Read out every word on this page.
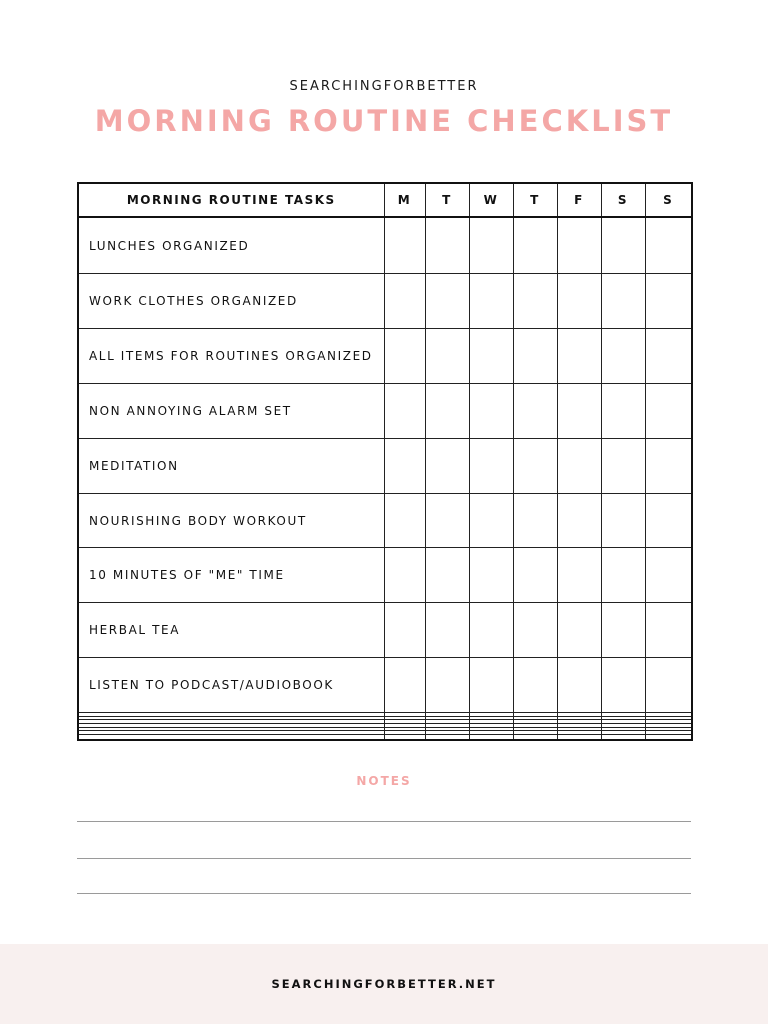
SEARCHINGFORBETTER
MORNING ROUTINE CHECKLIST
MORNING ROUTINE TASKS	M	T	W	T	F	S	S
LUNCHES ORGANIZED							
WORK CLOTHES ORGANIZED							
ALL ITEMS FOR ROUTINES ORGANIZED							
NON ANNOYING ALARM SET							
MEDITATION							
NOURISHING BODY WORKOUT							
10 MINUTES OF "ME" TIME							
HERBAL TEA							
LISTEN TO PODCAST/AUDIOBOOK							

NOTES
SEARCHINGFORBETTER.NET
